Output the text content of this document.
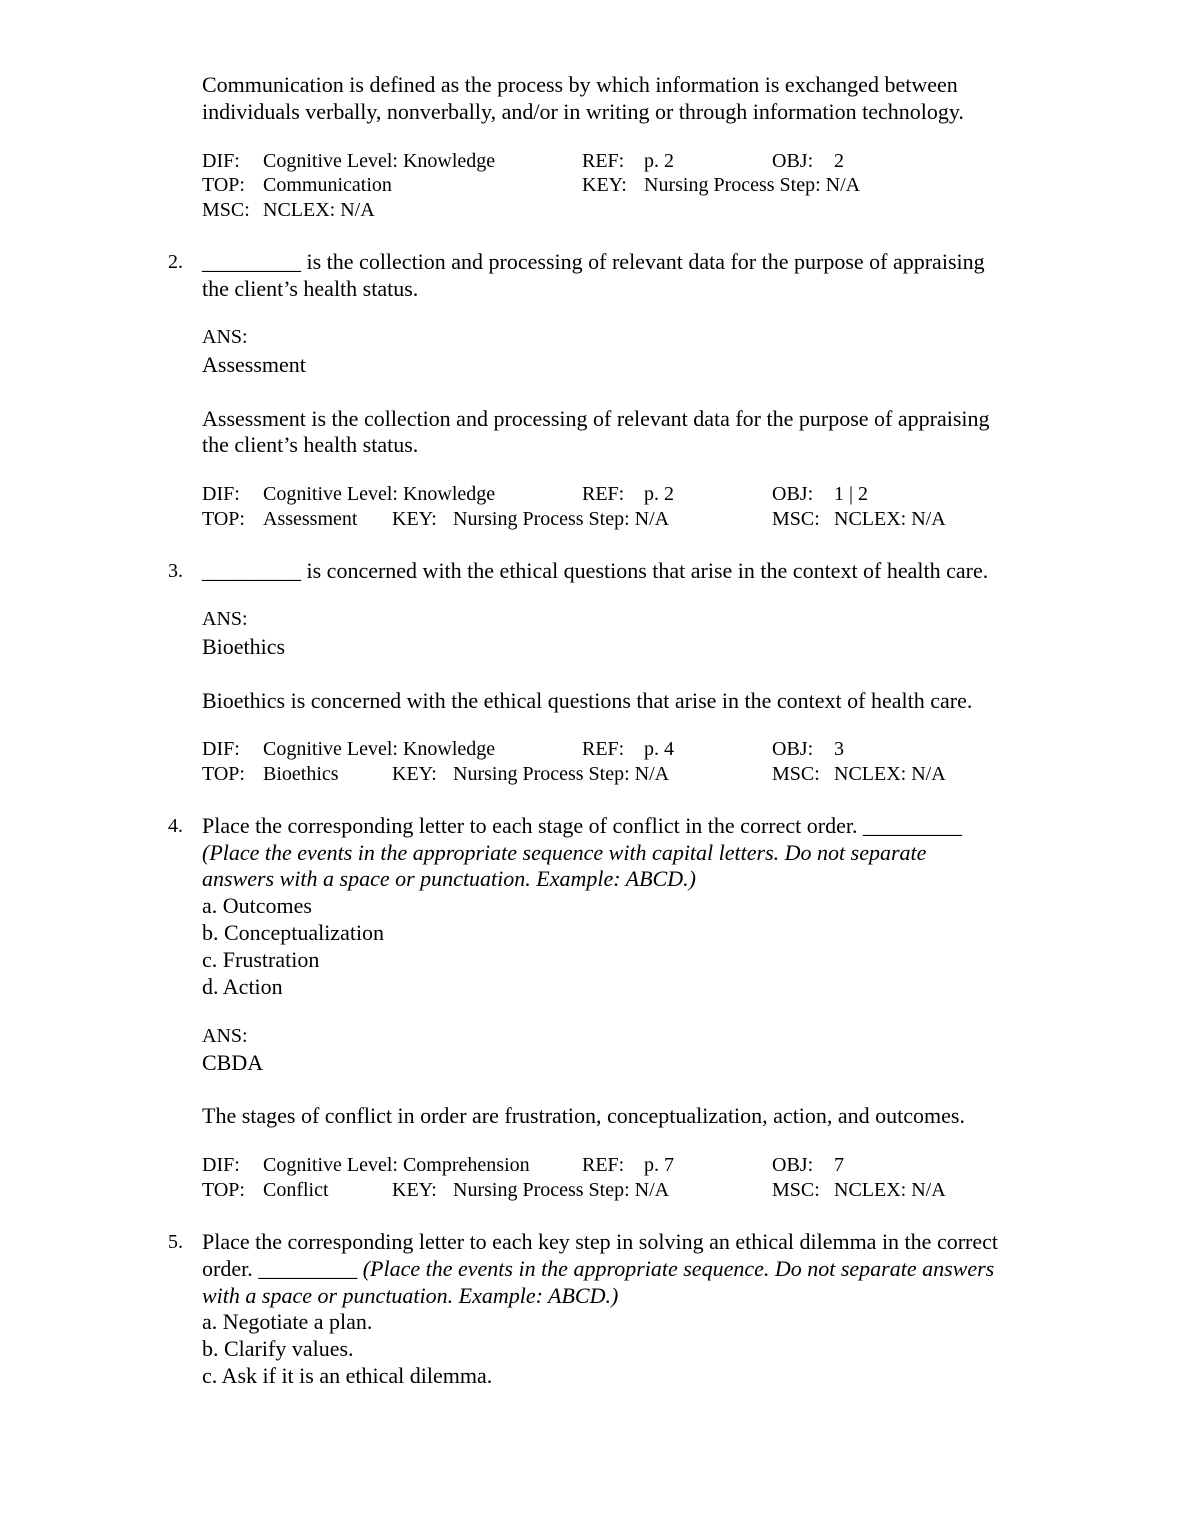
Communication is defined as the process by which information is exchanged between
individuals verbally, nonverbally, and/or in writing or through information technology.
DIF: Cognitive Level: Knowledge	REF: p. 2	OBJ: 2
TOP: Communication	KEY: Nursing Process Step: N/A
MSC: NCLEX: N/A
2. _________ is the collection and processing of relevant data for the purpose of appraising
the client’s health status.
ANS:
Assessment
Assessment is the collection and processing of relevant data for the purpose of appraising
the client’s health status.
DIF: Cognitive Level: Knowledge	REF: p. 2	OBJ: 1 | 2
TOP: Assessment KEY: Nursing Process Step: N/A	MSC: NCLEX: N/A
3. _________ is concerned with the ethical questions that arise in the context of health care.
ANS:
Bioethics
Bioethics is concerned with the ethical questions that arise in the context of health care.
DIF: Cognitive Level: Knowledge	REF: p. 4	OBJ: 3
TOP: Bioethics	KEY: Nursing Process Step: N/A	MSC: NCLEX: N/A
4. Place the corresponding letter to each stage of conflict in the correct order. _________
(Place the events in the appropriate sequence with capital letters. Do not separate
answers with a space or punctuation. Example: ABCD.)
a. Outcomes
b. Conceptualization
c. Frustration
d. Action
ANS:
CBDA
The stages of conflict in order are frustration, conceptualization, action, and outcomes.
DIF: Cognitive Level: Comprehension	REF: p. 7	OBJ: 7
TOP: Conflict	KEY: Nursing Process Step: N/A	MSC: NCLEX: N/A
5. Place the corresponding letter to each key step in solving an ethical dilemma in the correct
order. _________ (Place the events in the appropriate sequence. Do not separate answers
with a space or punctuation. Example: ABCD.)
a. Negotiate a plan.
b. Clarify values.
c. Ask if it is an ethical dilemma.
